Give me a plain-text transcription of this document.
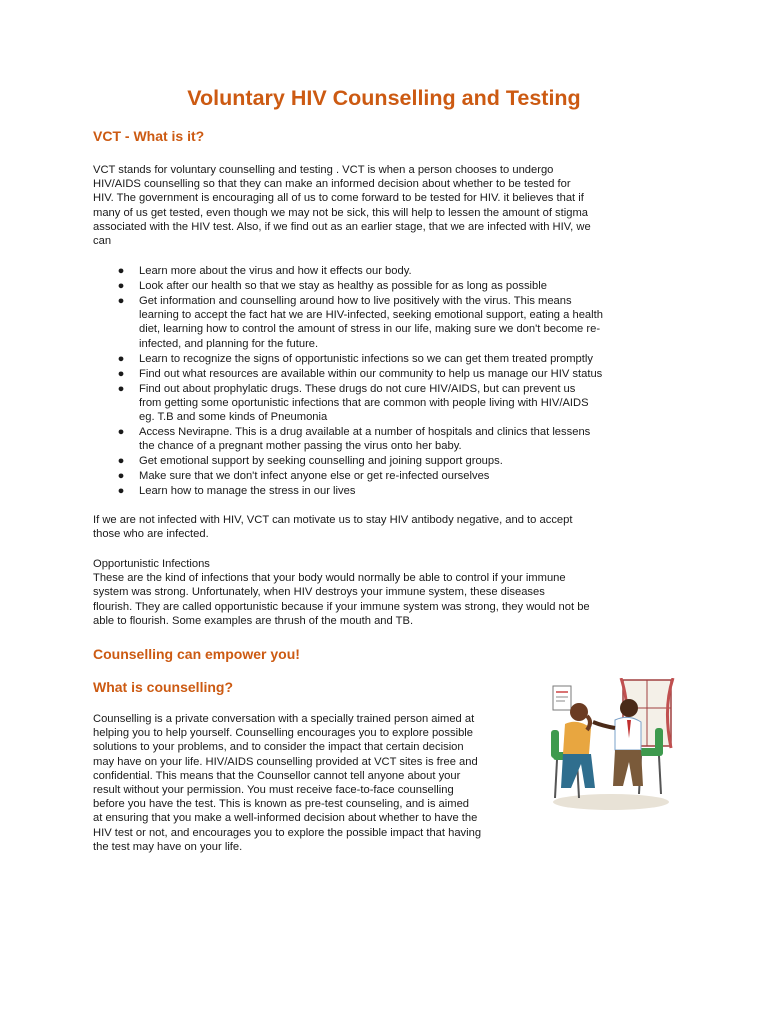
Voluntary HIV Counselling and Testing
VCT - What is it?

VCT stands for voluntary counselling and testing . VCT is when a person chooses to undergo

HIV/AIDS counselling so that they can make an informed decision about whether to be tested for

HIV. The government is encouraging all of us to come forward to be tested for HIV. it believes that if

many of us get tested, even though we may not be sick, this will help to lessen the amount of stigma

associated with the HIV test. Also, if we find out as an earlier stage, that we are infected with HIV, we

can

● Learn more about the virus and how it effects our body.
● Look after our health so that we stay as healthy as possible for as long as possible
● Get information and counselling around how to live positively with the virus. This means
learning to accept the fact hat we are HIV-infected, seeking emotional support, eating a health
diet, learning how to control the amount of stress in our life, making sure we don't become re-
infected, and planning for the future.
● Learn to recognize the signs of opportunistic infections so we can get them treated promptly
● Find out what resources are available within our community to help us manage our HIV status
● Find out about prophylatic drugs. These drugs do not cure HIV/AIDS, but can prevent us
from getting some oportunistic infections that are common with people living with HIV/AIDS
eg. T.B and some kinds of Pneumonia
● Access Nevirapne. This is a drug available at a number of hospitals and clinics that lessens
the chance of a pregnant mother passing the virus onto her baby.
● Get emotional support by seeking counselling and joining support groups.
● Make sure that we don't infect anyone else or get re-infected ourselves
● Learn how to manage the stress in our lives

If we are not infected with HIV, VCT can motivate us to stay HIV antibody negative, and to accept

those who are infected.

Opportunistic Infections

These are the kind of infections that your body would normally be able to control if your immune

system was strong. Unfortunately, when HIV destroys your immune system, these diseases

flourish. They are called opportunistic because if your immune system was strong, they would not be

able to flourish. Some examples are thrush of the mouth and TB.

Counselling can empower you!
What is counselling?

Counselling is a private conversation with a specially trained person aimed at

helping you to help yourself. Counselling encourages you to explore possible

solutions to your problems, and to consider the impact that certain decision

may have on your life. HIV/AIDS counselling provided at VCT sites is free and

confidential. This means that the Counsellor cannot tell anyone about your

result without your permission. You must receive face-to-face counselling

before you have the test. This is known as pre-test counseling, and is aimed

at ensuring that you make a well-informed decision about whether to have the

HIV test or not, and encourages you to explore the possible impact that having

the test may have on your life.
